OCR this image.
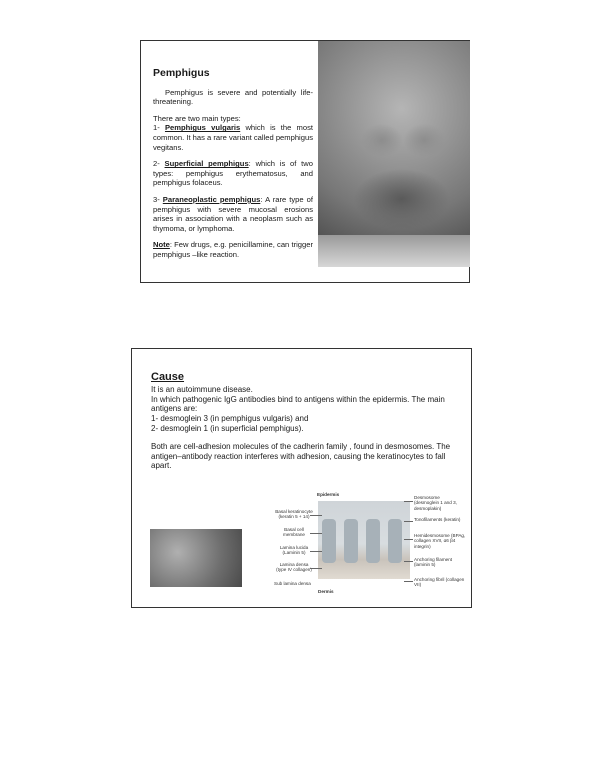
Pemphigus

Pemphigus is severe and potentially life-threatening.

There are two main types:

1- Pemphigus vulgaris which is the most common. It has a rare variant called pemphigus vegitans.

2- Superficial pemphigus: which is of two types: pemphigus erythematosus, and pemphigus folaceus.

3- Paraneoplastic pemphigus: A rare type of pemphigus with severe mucosal erosions arises in association with a neoplasm such as thymoma, or lymphoma.

Note: Few drugs, e.g. penicillamine, can trigger pemphigus –like reaction.

Cause

It is an autoimmune disease.

In which pathogenic IgG antibodies bind to antigens within the epidermis. The main antigens are:

1- desmoglein 3 (in pemphigus vulgaris) and

2- desmoglein 1 (in superficial pemphigus).

Both are cell-adhesion molecules of the cadherin family , found in desmosomes. The antigen–antibody reaction interferes with adhesion, causing the keratinocytes to fall apart.

Epidermis
Dermis
Basal keratinocyte (keratin 5 + 14)
Basal cell membrane
Lamina lucida (Laminin 5)
Lamina densa (type IV collagen)
Sub lamina densa
Desmosome (desmoglein 1 and 3, desmoplakin)
Tonofilaments (keratin)
Hemidesmosome (BPAg, collagen XVII, α6 β4 integrin)
Anchoring filament (laminin 5)
Anchoring fibril (collagen VII)
